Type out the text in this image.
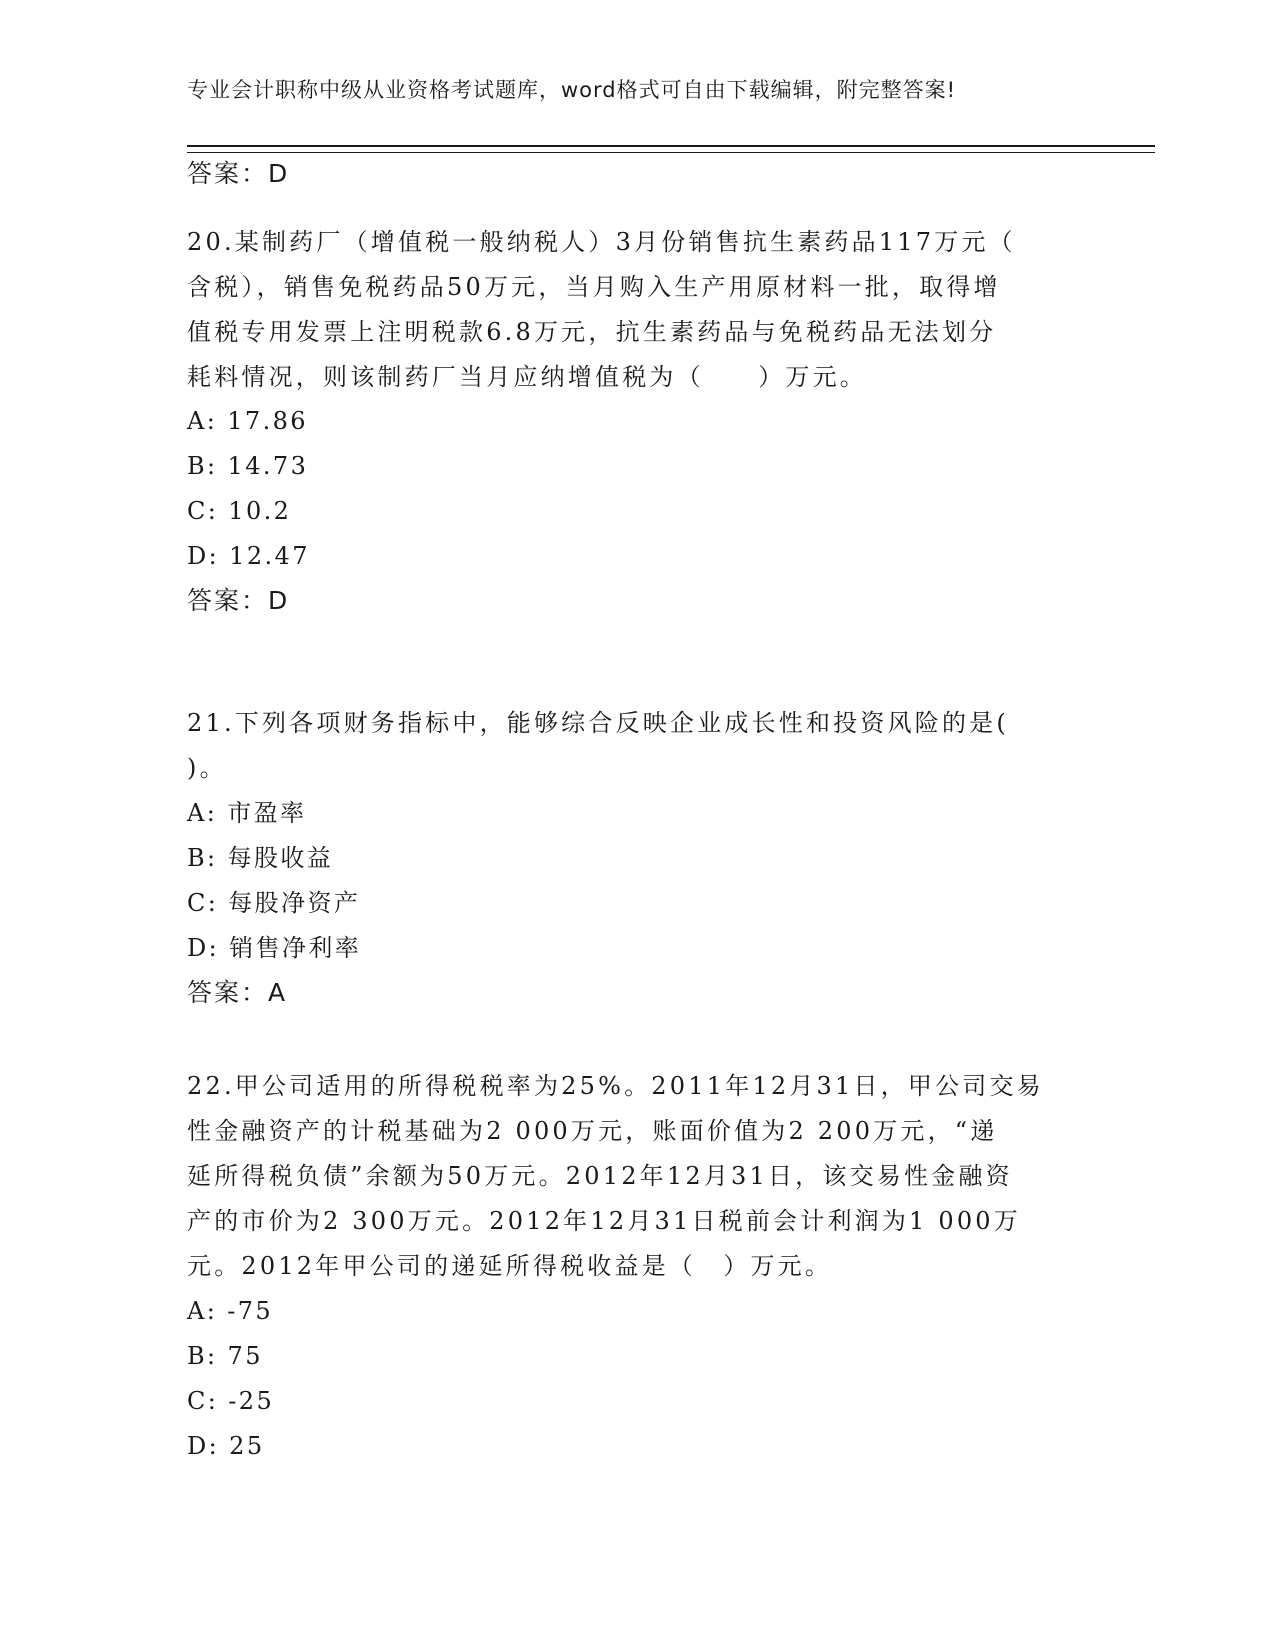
专业会计职称中级从业资格考试题库，word格式可自由下载编辑，附完整答案!
答案：D
20.某制药厂（增值税一般纳税人）3月份销售抗生素药品117万元（
含税），销售免税药品50万元，当月购入生产用原材料一批，取得增
值税专用发票上注明税款6.8万元，抗生素药品与免税药品无法划分
耗料情况，则该制药厂当月应纳增值税为（　　）万元。
A: 17.86
B: 14.73
C: 10.2
D: 12.47
答案：D
21.下列各项财务指标中，能够综合反映企业成长性和投资风险的是(
)。
A: 市盈率
B: 每股收益
C: 每股净资产
D: 销售净利率
答案：A
22.甲公司适用的所得税税率为25%。2011年12月31日，甲公司交易
性金融资产的计税基础为2 000万元，账面价值为2 200万元，“递
延所得税负债”余额为50万元。2012年12月31日，该交易性金融资
产的市价为2 300万元。2012年12月31日税前会计利润为1 000万
元。2012年甲公司的递延所得税收益是（　）万元。
A: -75
B: 75
C: -25
D: 25
